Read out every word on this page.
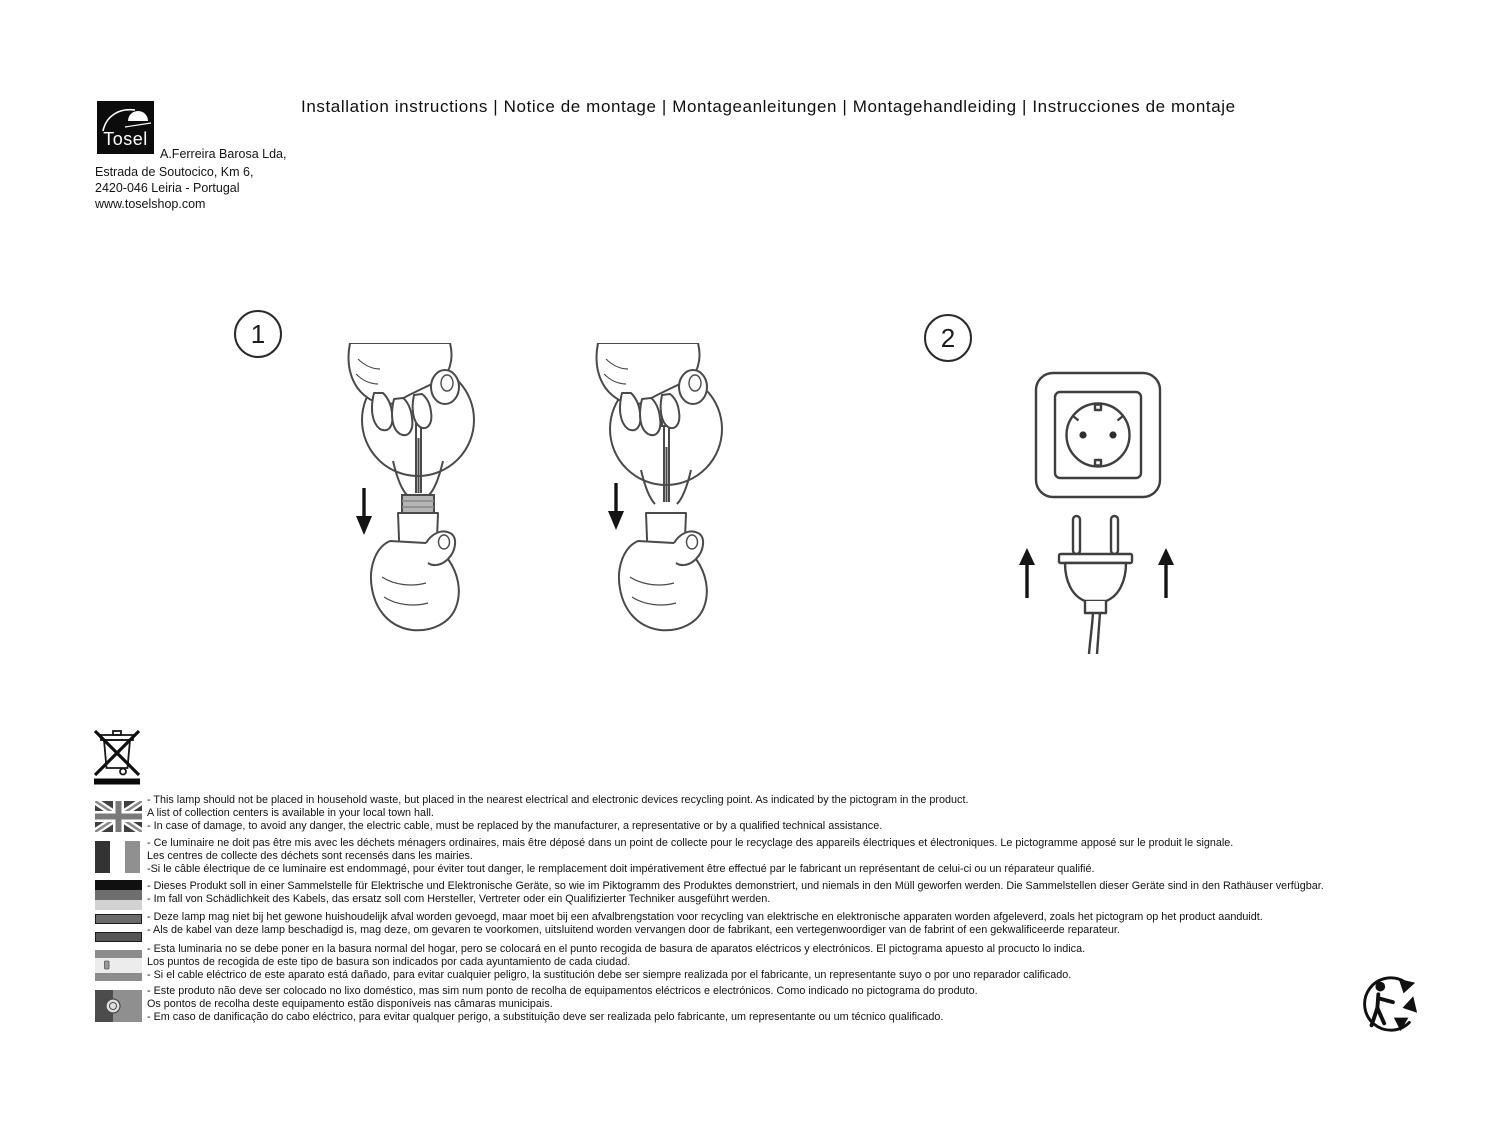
Tosel
Installation instructions | Notice de montage | Montageanleitungen | Montagehandleiding | Instrucciones de montaje
A.Ferreira Barosa Lda,
Estrada de Soutocico, Km 6,
2420-046 Leiria - Portugal
www.toselshop.com
1	2
- This lamp should not be placed in household waste, but placed in the nearest electrical and electronic devices recycling point. As indicated by the pictogram in the product.
A list of collection centers is available in your local town hall.
- In case of damage, to avoid any danger, the electric cable, must be replaced by the manufacturer, a representative or by a qualified technical assistance.
- Ce luminaire ne doit pas être mis avec les déchets ménagers ordinaires, mais être déposé dans un point de collecte pour le recyclage des appareils électriques et électroniques. Le pictogramme apposé sur le produit le signale.
Les centres de collecte des déchets sont recensés dans les mairies.
-Si le câble électrique de ce luminaire est endommagé, pour éviter tout danger, le remplacement doit impérativement être effectué par le fabricant un représentant de celui-ci ou un réparateur qualifié.
- Dieses Produkt soll in einer Sammelstelle für Elektrische und Elektronische Geräte, so wie im Piktogramm des Produktes demonstriert, und niemals in den Müll geworfen werden. Die Sammelstellen dieser Geräte sind in den Rathäuser verfügbar.
- Im fall von Schädlichkeit des Kabels, das ersatz soll com Hersteller, Vertreter oder ein Qualifizierter Techniker ausgeführt werden.
- Deze lamp mag niet bij het gewone huishoudelijk afval worden gevoegd, maar moet bij een afvalbrengstation voor recycling van elektrische en elektronische apparaten worden afgeleverd, zoals het pictogram op het product aanduidt.
- Als de kabel van deze lamp beschadigd is, mag deze, om gevaren te voorkomen, uitsluitend worden vervangen door de fabrikant, een vertegenwoordiger van de fabrint of een gekwalificeerde reparateur.
- Esta luminaria no se debe poner en la basura normal del hogar, pero se colocará en el punto recogida de basura de aparatos eléctricos y electrónicos. El pictograma apuesto al procucto lo indica.
Los puntos de recogida de este tipo de basura son indicados por cada ayuntamiento de cada ciudad.
- Si el cable eléctrico de este aparato está dañado, para evitar cualquier peligro, la sustitución debe ser siempre realizada por el fabricante, un representante suyo o por uno reparador calificado.
- Este produto não deve ser colocado no lixo doméstico, mas sim num ponto de recolha de equipamentos eléctricos e electrónicos. Como indicado no pictograma do produto.
Os pontos de recolha deste equipamento estão disponíveis nas câmaras municipais.
- Em caso de danificação do cabo eléctrico, para evitar qualquer perigo, a substituição deve ser realizada pelo fabricante, um representante ou um técnico qualificado.
